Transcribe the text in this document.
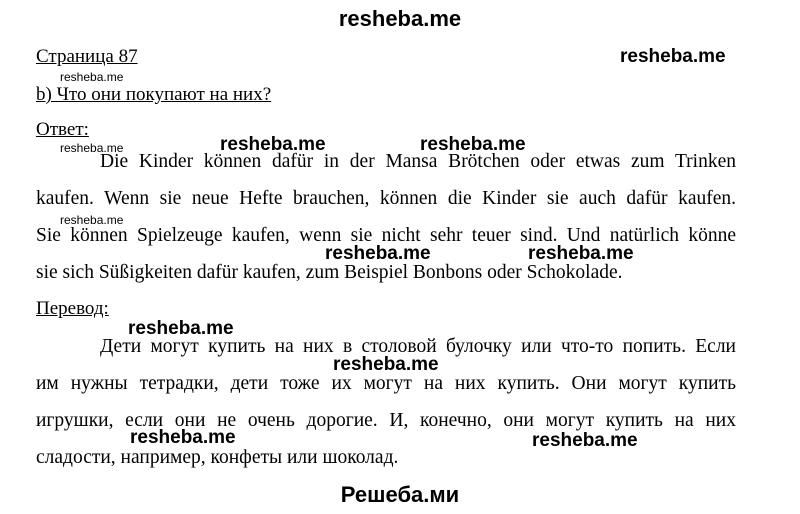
resheba.me
Страница 87
resheba.me
b) Что они покупают на них?
Ответ:
Die Kinder können dafür in der Mansa Brötchen oder etwas zum Trinken
kaufen. Wenn sie neue Hefte brauchen, können die Kinder sie auch dafür kaufen.
Sie können Spielzeuge kaufen, wenn sie nicht sehr teuer sind. Und natürlich könne
sie sich Süßigkeiten dafür kaufen, zum Beispiel Bonbons oder Schokolade.
Перевод:
Дети могут купить на них в столовой булочку или что-то попить. Если
им нужны тетрадки, дети тоже их могут на них купить. Они могут купить
игрушки, если они не очень дорогие. И, конечно, они могут купить на них
сладости, например, конфеты или шоколад.
resheba.me
resheba.me	resheba.me
resheba.me	resheba.me
resheba.me
resheba.me
resheba.me	resheba.me
resheba.me
resheba.me
Решеба.ми
